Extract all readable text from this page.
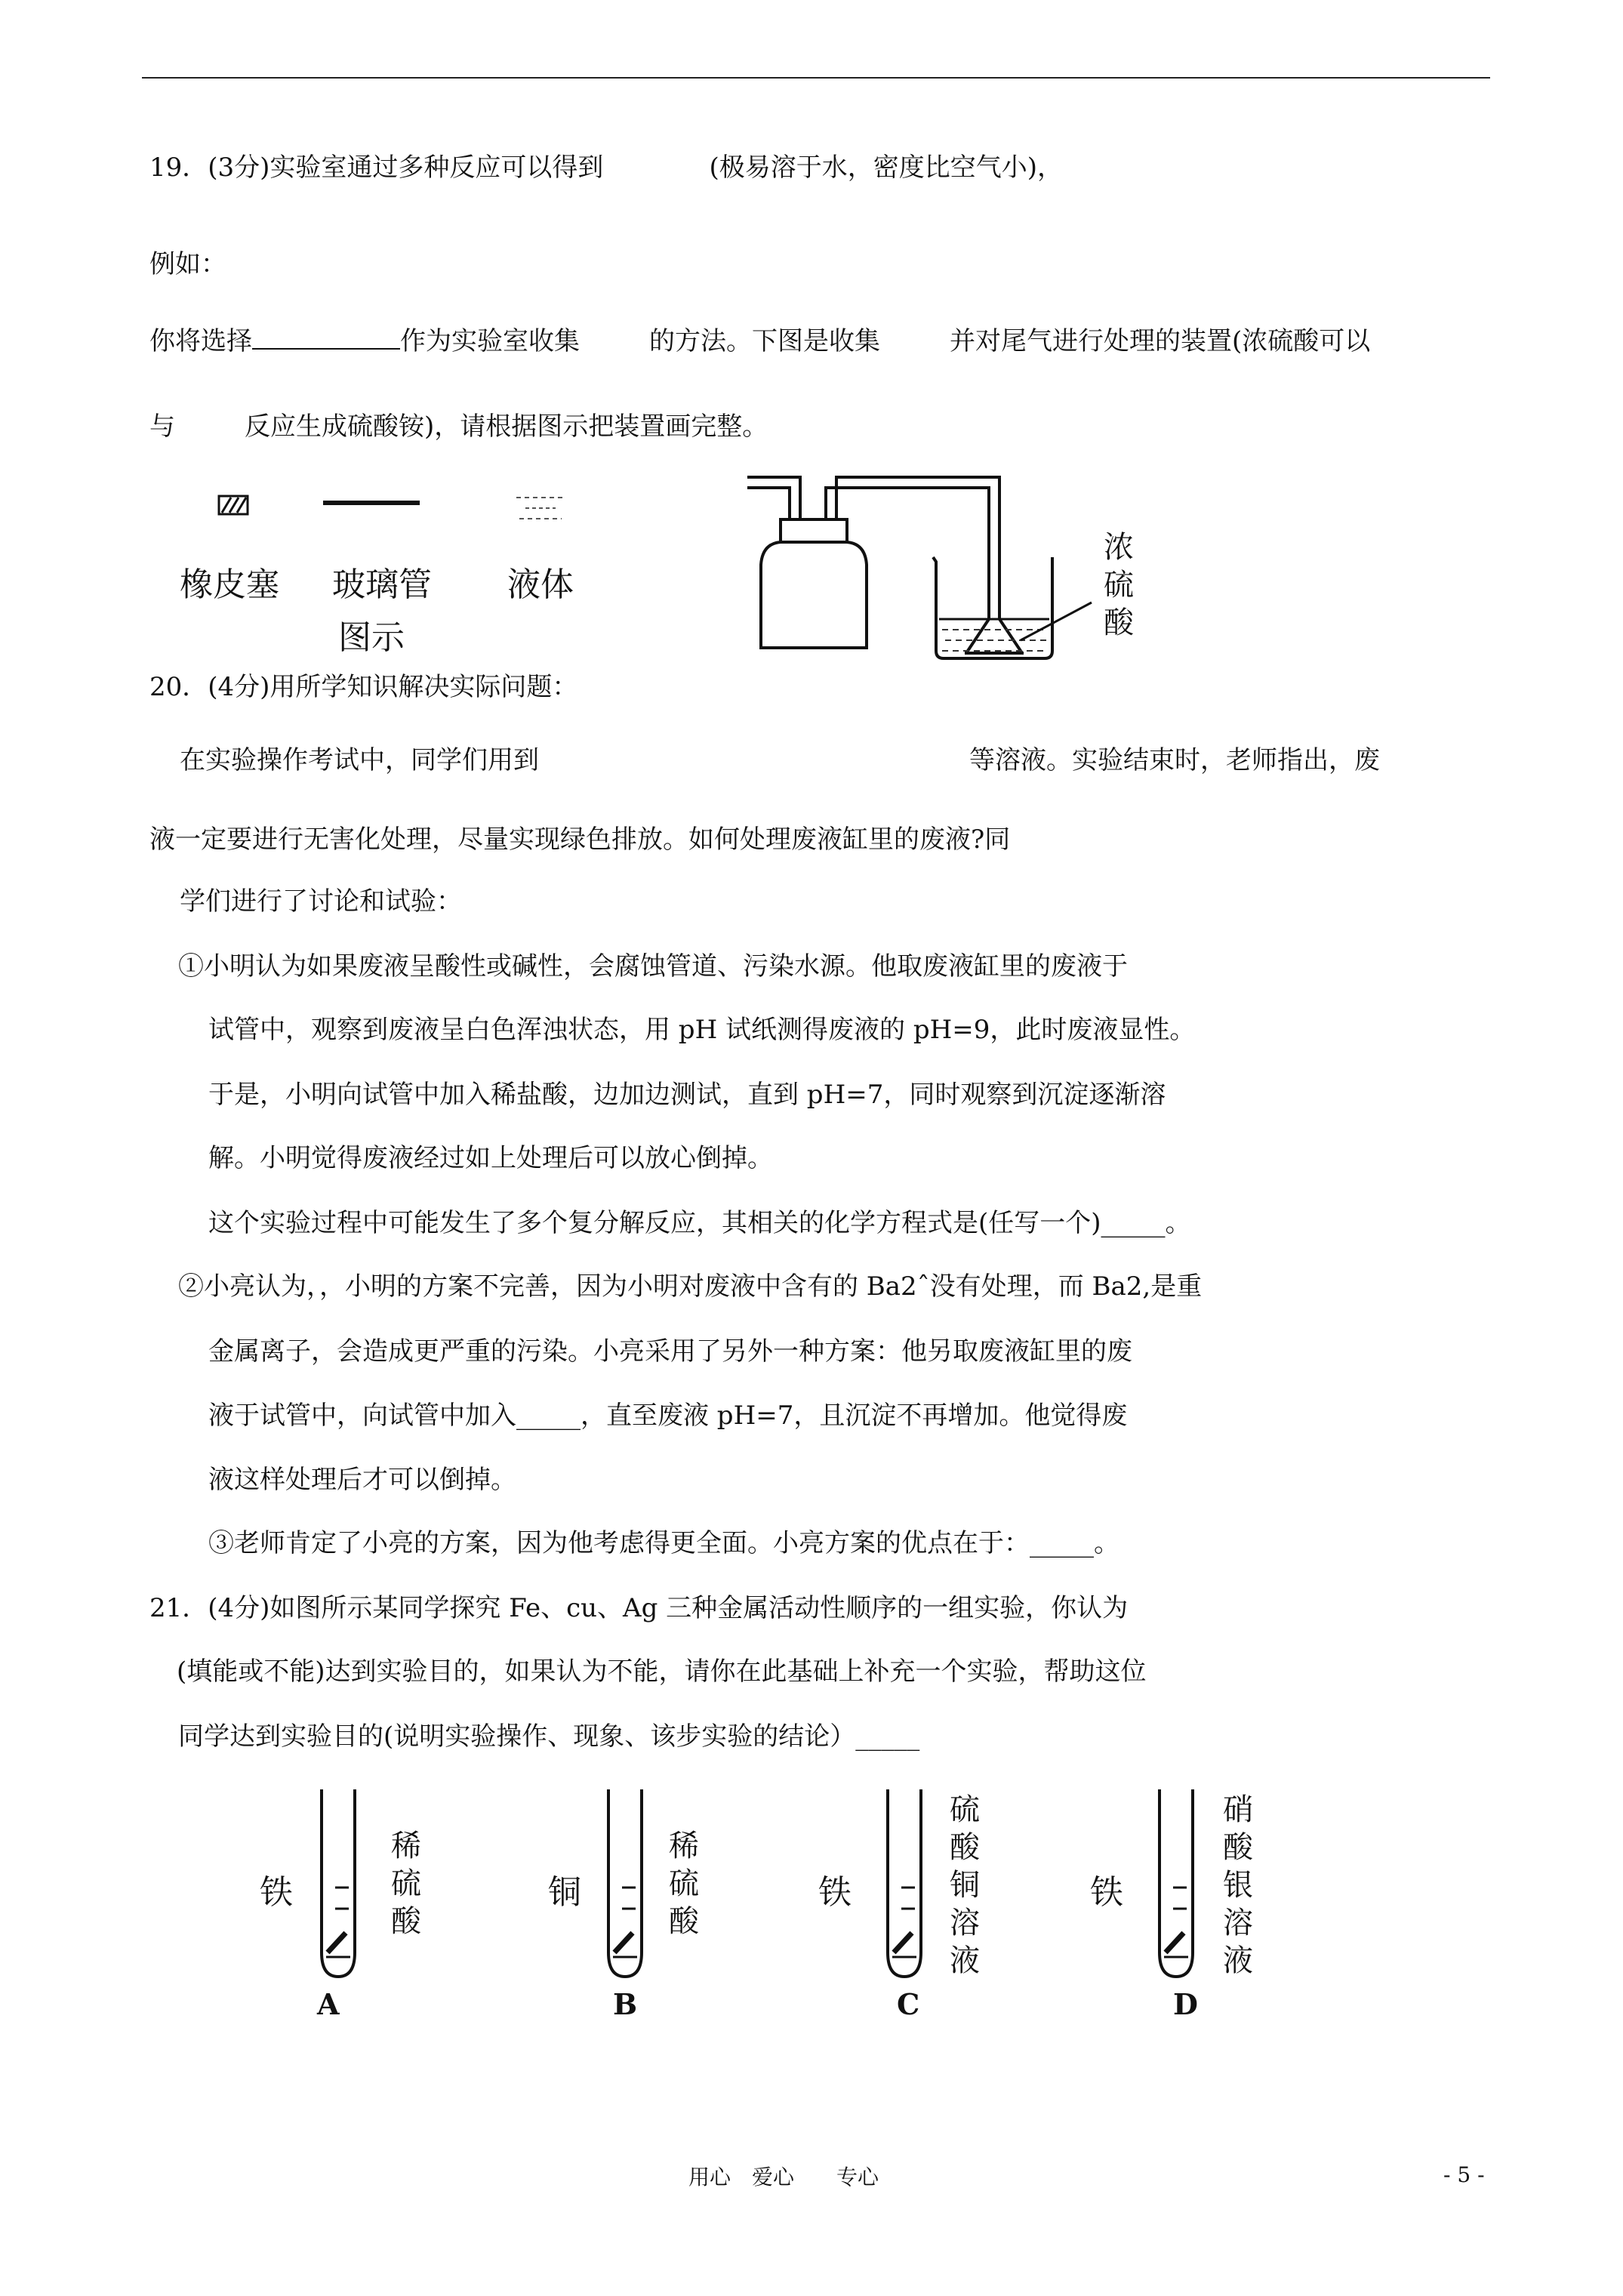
19．(3分)实验室通过多种反应可以得到	(极易溶于水，密度比空气小)，
例如：
你将选择	作为实验室收集	的方法。下图是收集	并对尾气进行处理的装置(浓硫酸可以
与	反应生成硫酸铵)，请根据图示把装置画完整。
橡皮塞 玻璃管 液体
图示
浓
硫
酸
20．(4分)用所学知识解决实际问题：
在实验操作考试中，同学们用到	等溶液。实验结束时，老师指出，废
液一定要进行无害化处理，尽量实现绿色排放。如何处理废液缸里的废液?同
学们进行了讨论和试验：
①小明认为如果废液呈酸性或碱性，会腐蚀管道、污染水源。他取废液缸里的废液于
试管中，观察到废液呈白色浑浊状态，用 pH 试纸测得废液的 pH=9，此时废液显性。
于是，小明向试管中加入稀盐酸，边加边测试，直到 pH=7，同时观察到沉淀逐渐溶
解。小明觉得废液经过如上处理后可以放心倒掉。
这个实验过程中可能发生了多个复分解反应，其相关的化学方程式是(任写一个)_____。
②小亮认为，，小明的方案不完善，因为小明对废液中含有的 Ba2ˆ没有处理，而 Ba2,是重
金属离子，会造成更严重的污染。小亮采用了另外一种方案：他另取废液缸里的废
液于试管中，向试管中加入_____，直至废液 pH=7，且沉淀不再增加。他觉得废
液这样处理后才可以倒掉。
③老师肯定了小亮的方案，因为他考虑得更全面。小亮方案的优点在于：_____。
21．(4分)如图所示某同学探究 Fe、cu、Ag 三种金属活动性顺序的一组实验，你认为
(填能或不能)达到实验目的，如果认为不能，请你在此基础上补充一个实验，帮助这位
同学达到实验目的(说明实验操作、现象、该步实验的结论）_____
铁
稀
硫
酸
A
铜
稀
硫
酸
B
铁
硫
酸
铜
溶
液
C
铁
硝
酸
银
溶
液
D
用心　爱心　　专心	- 5 -
